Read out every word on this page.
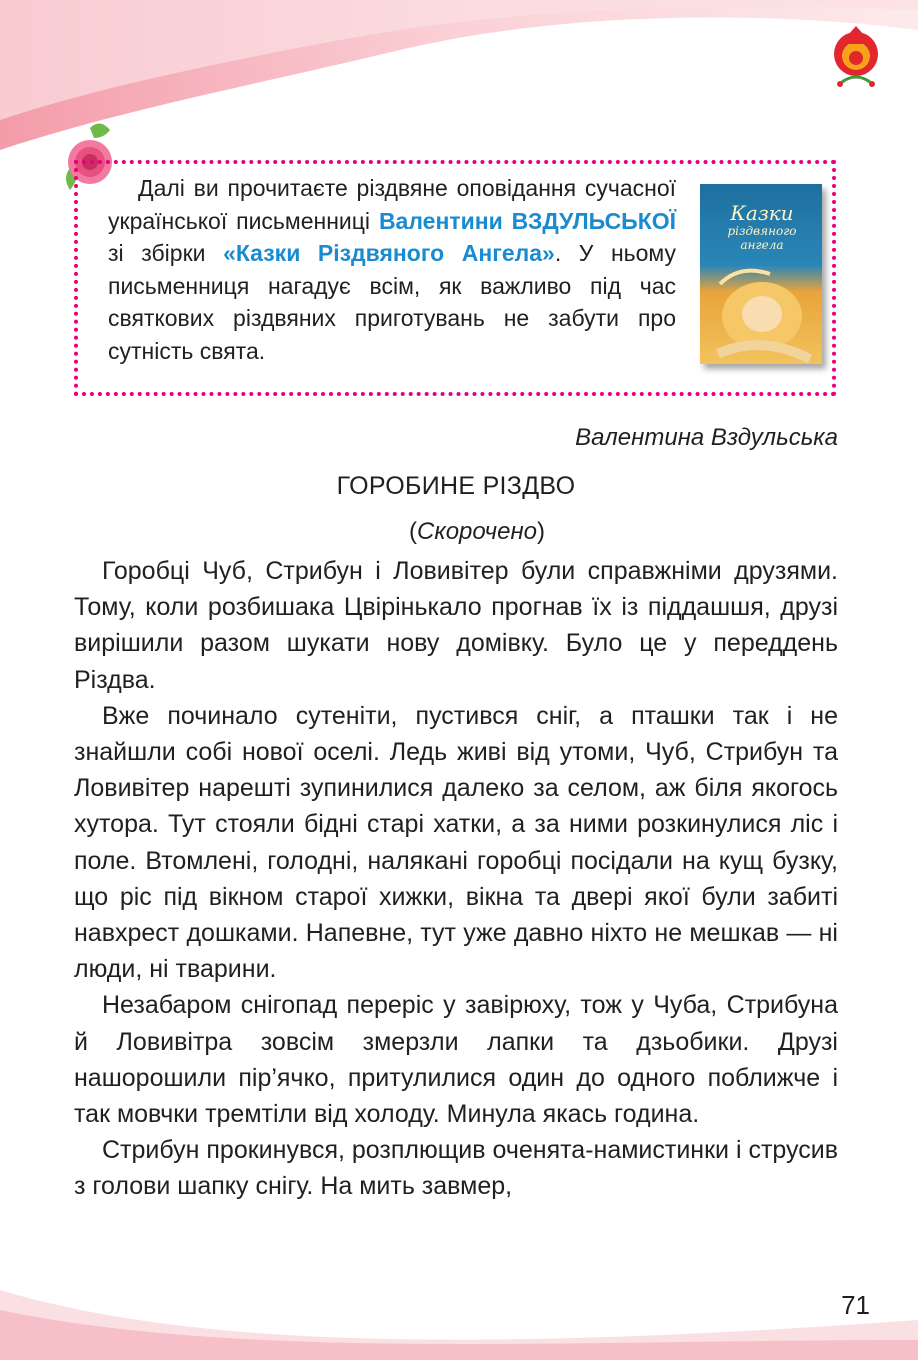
Далі ви прочитаєте різдвяне оповідання сучасної української письменниці Валентини ВЗДУЛЬСЬКОЇ зі збірки «Казки Різдвяного Ангела». У ньому письменниця нагадує всім, як важливо під час святкових різдвяних приготувань не забути про сутність свята.
Казки
різдвяного
ангела
Валентина Вздульська
ГОРОБИНЕ РІЗДВО
(Скорочено)

Горобці Чуб, Стрибун і Ловивітер були справжніми друзями. Тому, коли розбишака Цвірінькало прогнав їх із піддашшя, друзі вирішили разом шукати нову домівку. Було це у переддень Різдва.

Вже починало сутеніти, пустився сніг, а пташки так і не знайшли собі нової оселі. Ледь живі від утоми, Чуб, Стрибун та Ловивітер нарешті зупинилися далеко за селом, аж біля якогось хутора. Тут стояли бідні старі хатки, а за ними розкинулися ліс і поле. Втомлені, голодні, налякані горобці посідали на кущ бузку, що ріс під вікном старої хижки, вікна та двері якої були забиті навхрест дошками. Напевне, тут уже давно ніхто не мешкав — ні люди, ні тварини.

Незабаром снігопад переріс у завірюху, тож у Чуба, Стрибуна й Ловивітра зовсім змерзли лапки та дзьобики. Друзі нашорошили пір’ячко, притулилися один до одного поближче і так мовчки тремтіли від холоду. Минула якась година.

Стрибун прокинувся, розплющив оченята-намистинки і струсив з голови шапку снігу. На мить завмер,

71
